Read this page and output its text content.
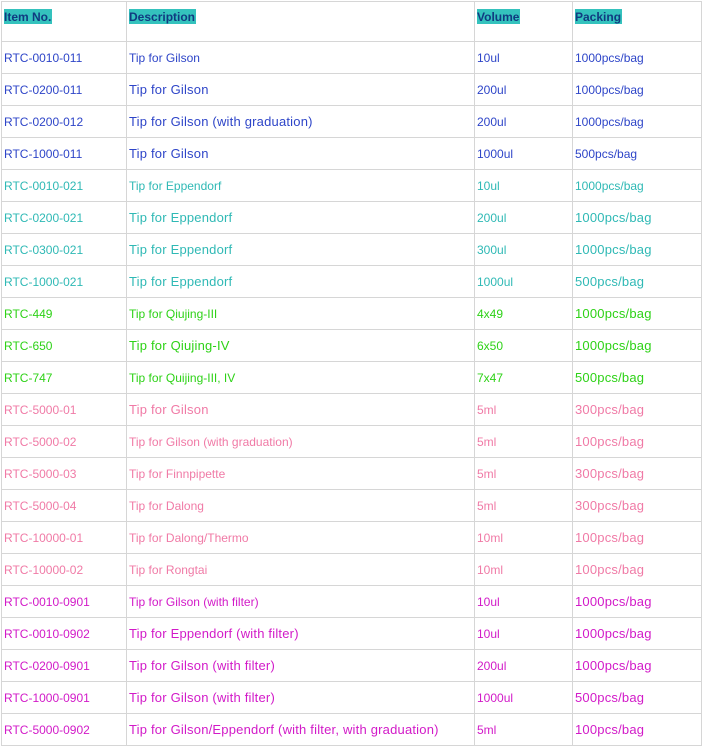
Item No.	Description	Volume	Packing
RTC-0010-011	Tip for Gilson	10ul	1000pcs/bag
RTC-0200-011	Tip for Gilson	200ul	1000pcs/bag
RTC-0200-012	Tip for Gilson (with graduation)	200ul	1000pcs/bag
RTC-1000-011	Tip for Gilson	1000ul	500pcs/bag
RTC-0010-021	Tip for Eppendorf	10ul	1000pcs/bag
RTC-0200-021	Tip for Eppendorf	200ul	1000pcs/bag
RTC-0300-021	Tip for Eppendorf	300ul	1000pcs/bag
RTC-1000-021	Tip for Eppendorf	1000ul	500pcs/bag
RTC-449	Tip for Qiujing-III	4x49	1000pcs/bag
RTC-650	Tip for Qiujing-IV	6x50	1000pcs/bag
RTC-747	Tip for Quijing-III, IV	7x47	500pcs/bag
RTC-5000-01	Tip for Gilson	5ml	300pcs/bag
RTC-5000-02	Tip for Gilson (with graduation)	5ml	100pcs/bag
RTC-5000-03	Tip for Finnpipette	5ml	300pcs/bag
RTC-5000-04	Tip for Dalong	5ml	300pcs/bag
RTC-10000-01	Tip for Dalong/Thermo	10ml	100pcs/bag
RTC-10000-02	Tip for Rongtai	10ml	100pcs/bag
RTC-0010-0901	Tip for Gilson (with filter)	10ul	1000pcs/bag
RTC-0010-0902	Tip for Eppendorf (with filter)	10ul	1000pcs/bag
RTC-0200-0901	Tip for Gilson (with filter)	200ul	1000pcs/bag
RTC-1000-0901	Tip for Gilson (with filter)	1000ul	500pcs/bag
RTC-5000-0902	Tip for Gilson/Eppendorf (with filter, with graduation)	5ml	100pcs/bag
